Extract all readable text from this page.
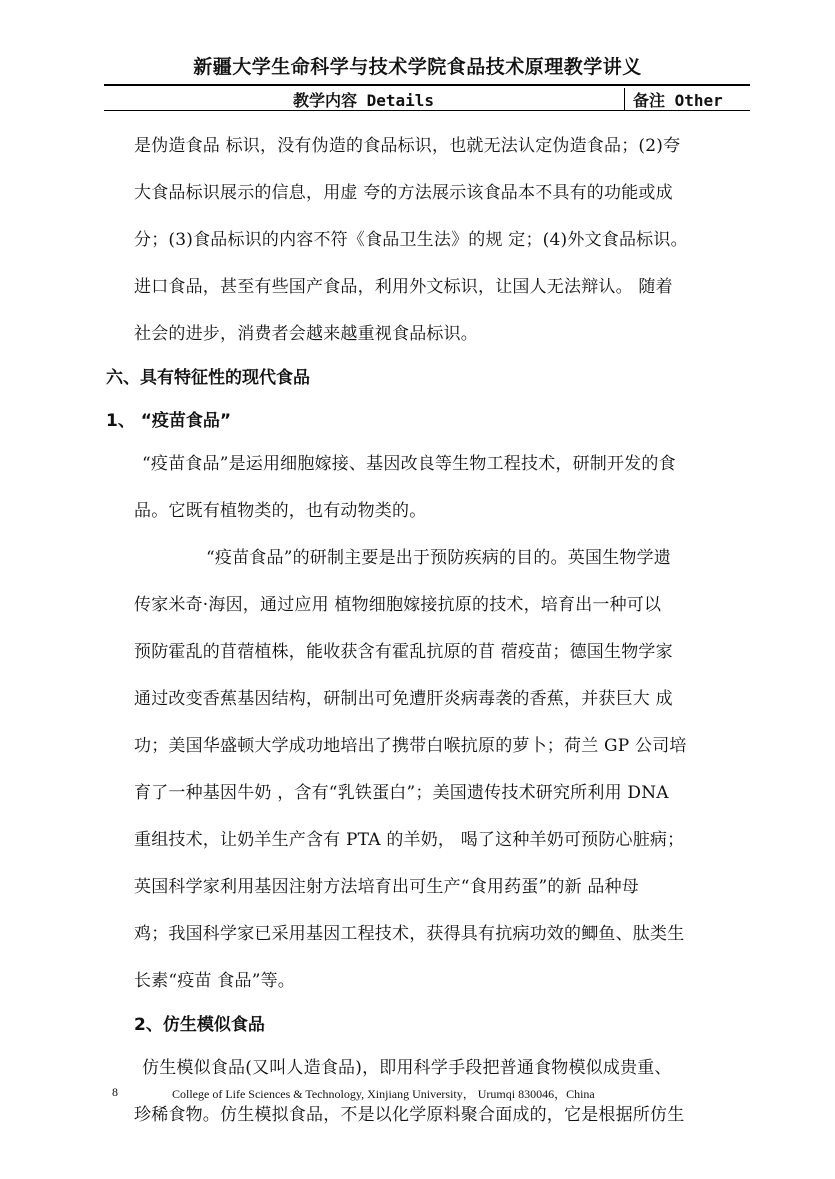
新疆大学生命科学与技术学院食品技术原理教学讲义
教学内容 Details	备注 Other
是伪造食品 标识，没有伪造的食品标识，也就无法认定伪造食品；(2)夸
大食品标识展示的信息，用虚 夸的方法展示该食品本不具有的功能或成
分；(3)食品标识的内容不符《食品卫生法》的规 定；(4)外文食品标识。
进口食品，甚至有些国产食品，利用外文标识，让国人无法辩认。 随着
社会的进步，消费者会越来越重视食品标识。
六、具有特征性的现代食品
1、 “疫苗食品”
“疫苗食品”是运用细胞嫁接、基因改良等生物工程技术，研制开发的食
品。它既有植物类的，也有动物类的。
“疫苗食品”的研制主要是出于预防疾病的目的。英国生物学遗
传家米奇·海因，通过应用 植物细胞嫁接抗原的技术，培育出一种可以
预防霍乱的苜蓿植株，能收获含有霍乱抗原的苜 蓿疫苗；德国生物学家
通过改变香蕉基因结构，研制出可免遭肝炎病毒袭的香蕉，并获巨大 成
功；美国华盛顿大学成功地培出了携带白喉抗原的萝卜；荷兰 GP 公司培
育了一种基因牛奶 ，含有“乳铁蛋白”；美国遗传技术研究所利用 DNA
重组技术，让奶羊生产含有 PTA 的羊奶， 喝了这种羊奶可预防心脏病；
英国科学家利用基因注射方法培育出可生产“食用药蛋”的新 品种母
鸡；我国科学家已采用基因工程技术，获得具有抗病功效的鲫鱼、肽类生
长素“疫苗 食品”等。
2、仿生模似食品
仿生模似食品(又叫人造食品)，即用科学手段把普通食物模似成贵重、
珍稀食物。仿生模拟食品，不是以化学原料聚合面成的，它是根据所仿生
8	College of Life Sciences & Technology, Xinjiang University， Urumqi 830046，China
